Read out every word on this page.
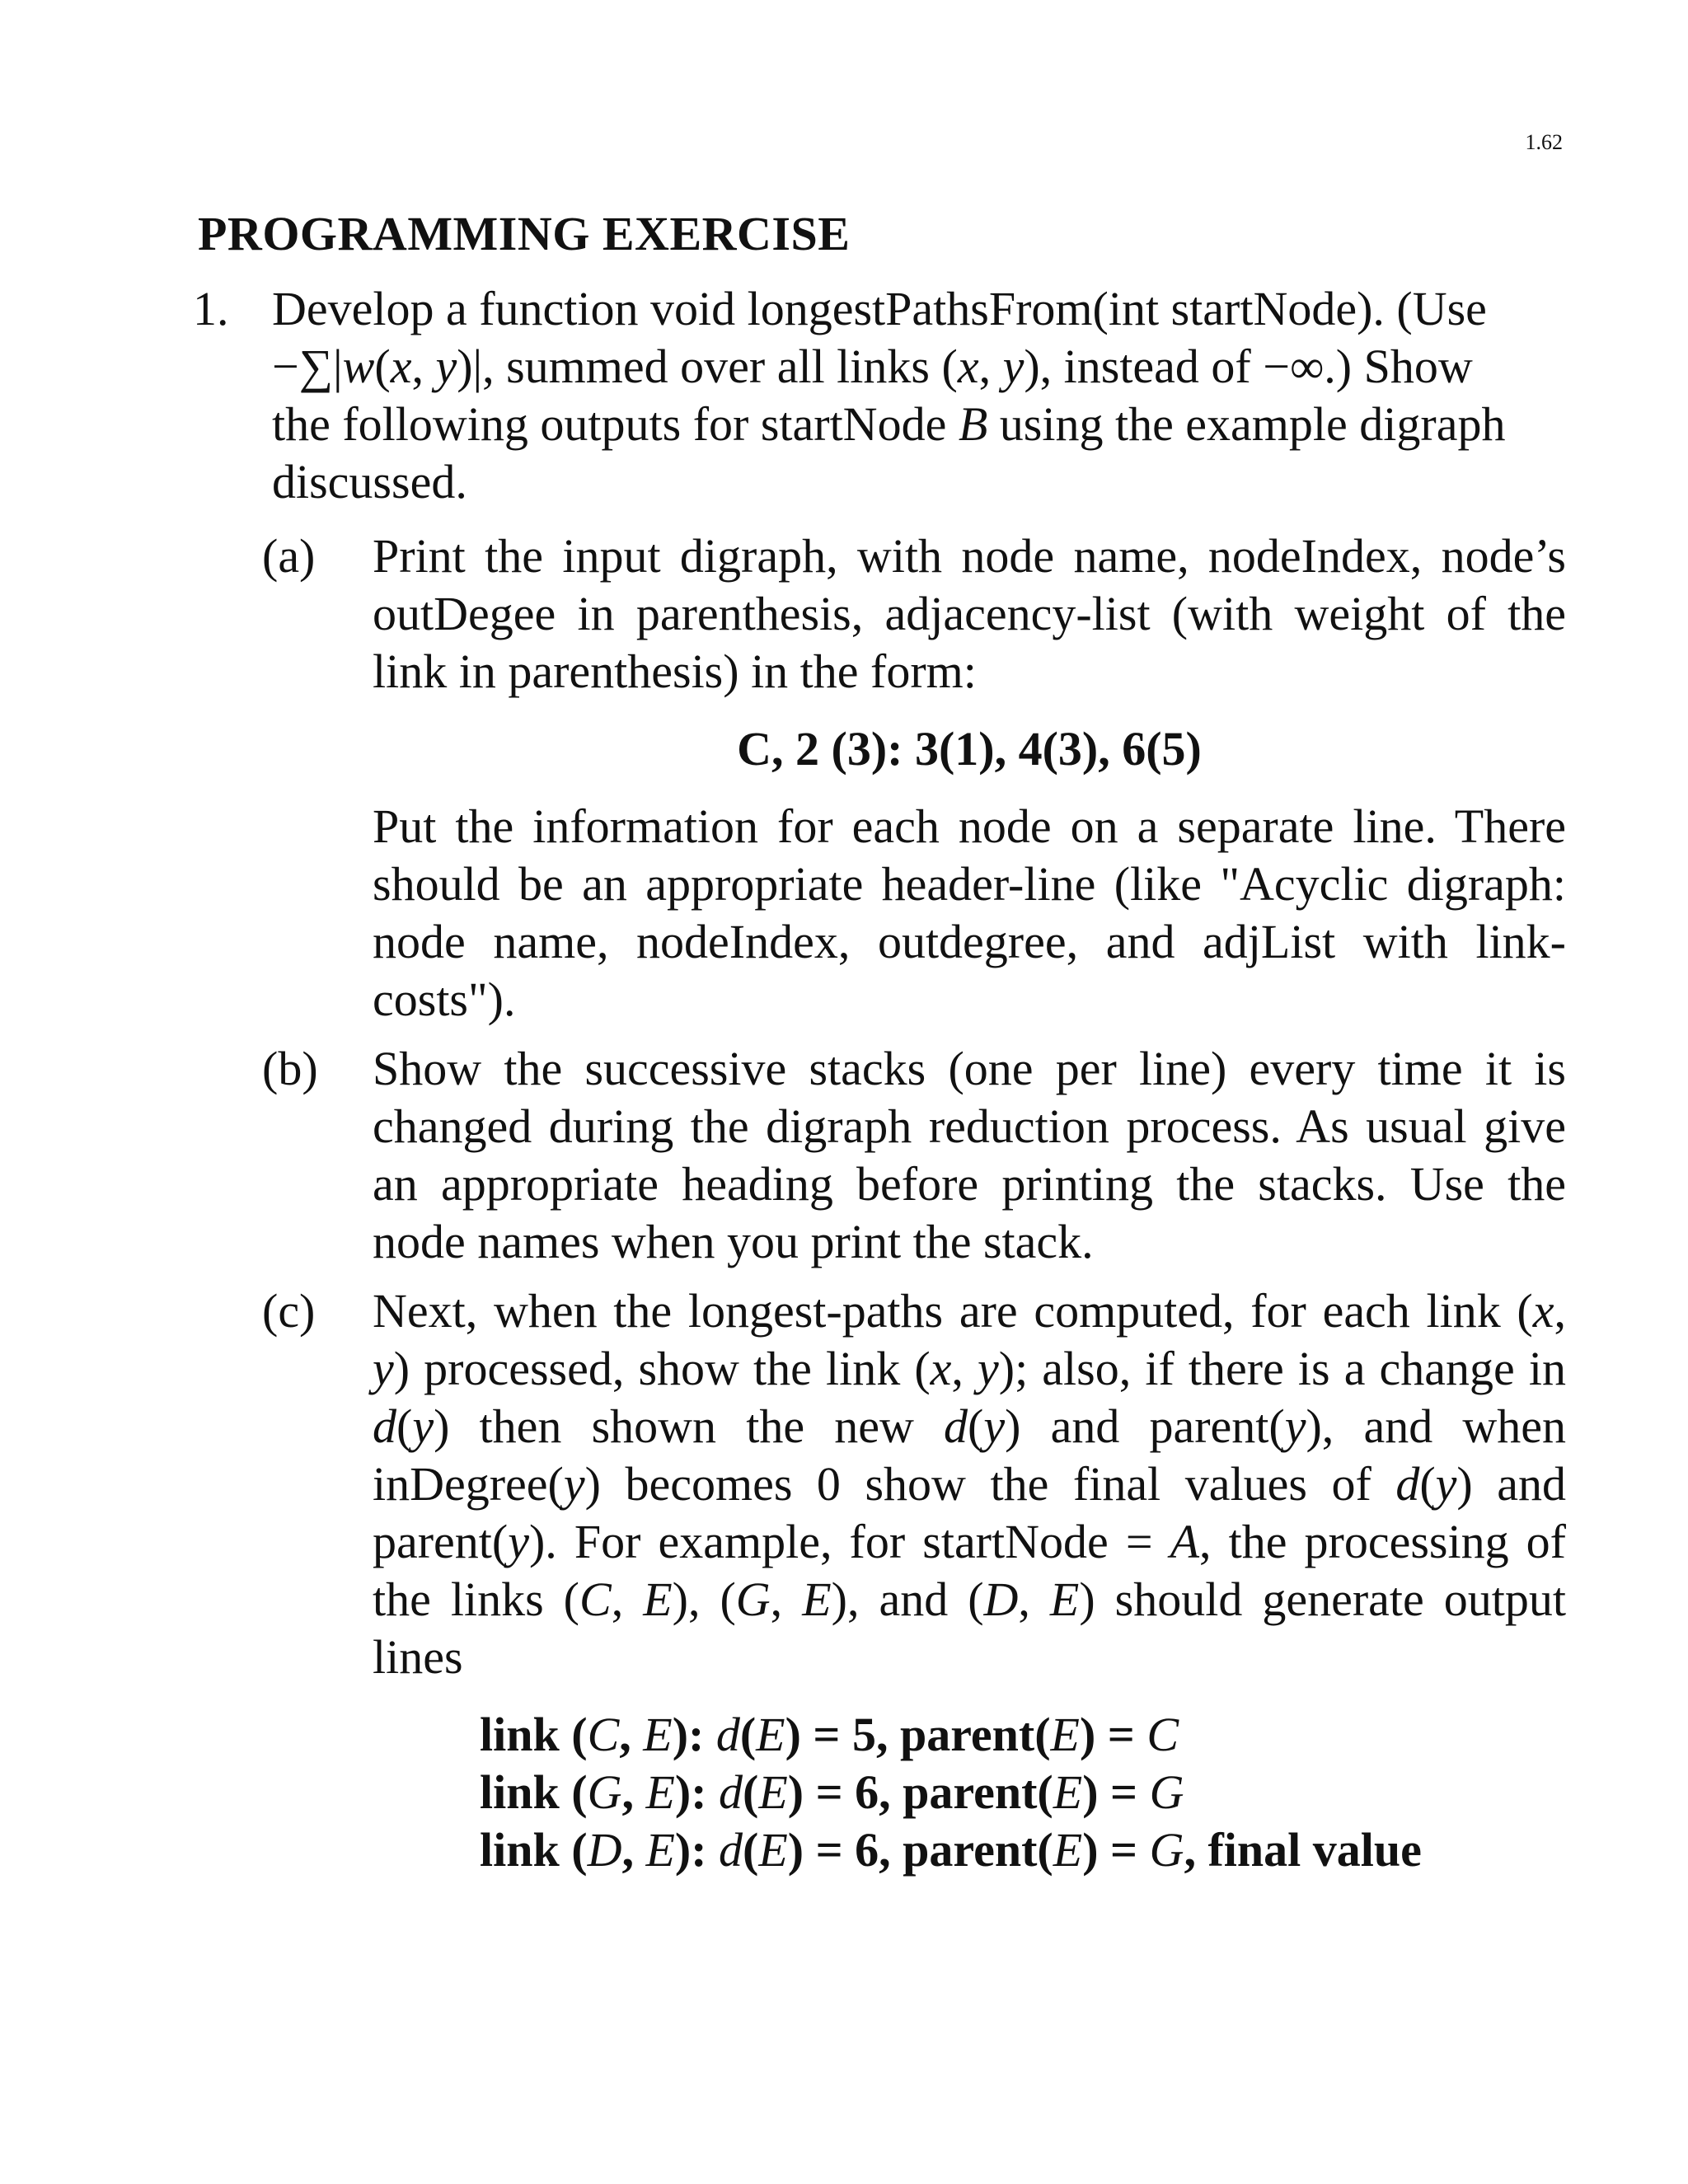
1.62
PROGRAMMING EXERCISE
1. Develop a function void longestPathsFrom(int startNode). (Use

−∑|w(x, y)|, summed over all links (x, y), instead of −∞.) Show

the following outputs for startNode B using the example digraph

discussed.

(a) Print the input digraph, with node name, nodeIndex, node’s outDegee in parenthesis, adjacency-list (with weight of the link in parenthesis) in the form:

C, 2 (3): 3(1), 4(3), 6(5)

Put the information for each node on a separate line. There should be an appropriate header-line (like "Acyclic digraph: node name, nodeIndex, outdegree, and adjList with link-costs").

(b) Show the successive stacks (one per line) every time it is changed during the digraph reduction process. As usual give an appropriate heading before printing the stacks. Use the node names when you print the stack.

(c) Next, when the longest-paths are computed, for each link (x, y) processed, show the link (x, y); also, if there is a change in d(y) then shown the new d(y) and parent(y), and when inDegree(y) becomes 0 show the final values of d(y) and parent(y). For example, for startNode = A, the processing of the links (C, E), (G, E), and (D, E) should generate output lines

link (C, E): d(E) = 5, parent(E) = C
link (G, E): d(E) = 6, parent(E) = G
link (D, E): d(E) = 6, parent(E) = G, final value
